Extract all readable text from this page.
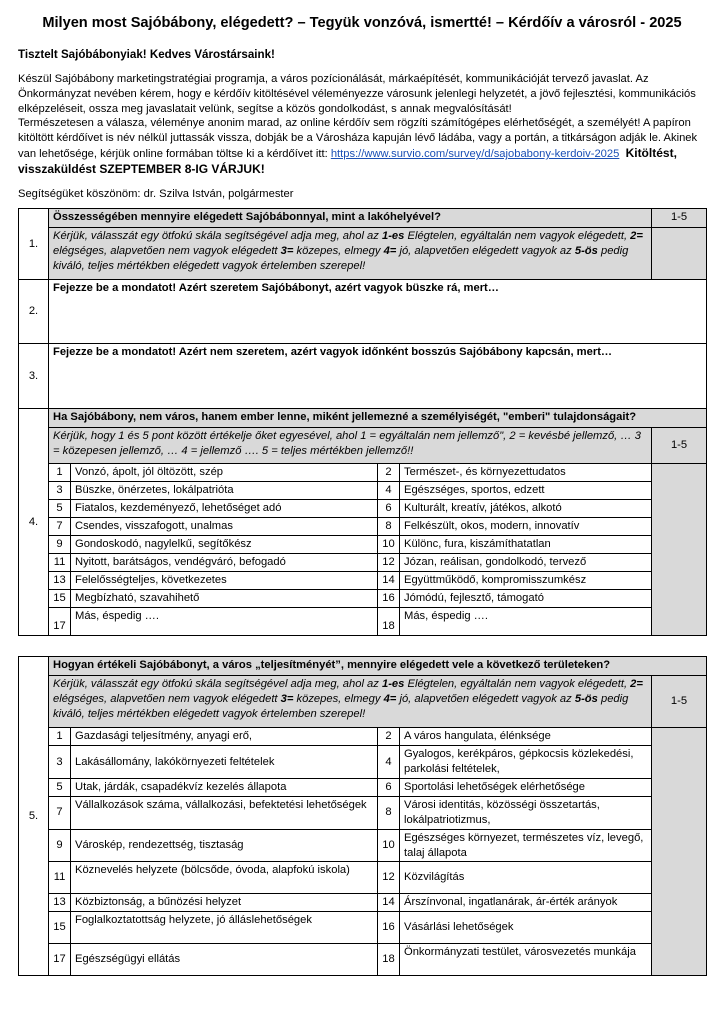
Milyen most Sajóbábony, elégedett? – Tegyük vonzóvá, ismertté! – Kérdőív a városról - 2025
Tisztelt Sajóbábonyiak! Kedves Várostársaink!

Készül Sajóbábony marketingstratégiai programja, a város pozícionálását, márkaépítését, kommunikációját tervező javaslat. Az Önkormányzat nevében kérem, hogy e kérdőív kitöltésével véleményezze városunk jelenlegi helyzetét, a jövő fejlesztési, kommunikációs elképzeléseit, ossza meg javaslatait velünk, segítse a közös gondolkodást, s annak megvalósítását!

Természetesen a válasza, véleménye anonim marad, az online kérdőív sem rögzíti számítógépes elérhetőségét, a személyét! A papíron kitöltött kérdőívet is név nélkül juttassák vissza, dobják be a Városháza kapuján lévő ládába, vagy a portán, a titkárságon adják le. Akinek van lehetősége, kérjük online formában töltse ki a kérdőívet itt: https://www.survio.com/survey/d/sajobabony-kerdoiv-2025 Kitöltést, visszaküldést SZEPTEMBER 8-IG VÁRJUK!

Segítségüket köszönöm: dr. Szilva István, polgármester
1.	Összességében mennyire elégedett Sajóbábonnyal, mint a lakóhelyével?				1-5
	Kérjük, válasszát egy ötfokú skála segítségével adja meg, ahol az 1-es Elégtelen, egyáltalán nem vagyok elégedett, 2= elégséges, alapvetően nem vagyok elégedett 3= közepes, elmegy 4= jó, alapvetően elégedett vagyok az 5-ös pedig kiváló, teljes mértékben elégedett vagyok értelemben szerepel!				
2.	Fejezze be a mondatot! Azért szeretem Sajóbábonyt, azért vagyok büszke rá, mert…				
3.	Fejezze be a mondatot! Azért nem szeretem, azért vagyok időnként bosszús Sajóbábony kapcsán, mert…				
4.	Ha Sajóbábony, nem város, hanem ember lenne, miként jellemezné a személyiségét, "emberi" tulajdonságait?				
	Kérjük, hogy 1 és 5 pont között értékelje őket egyesével, ahol 1 = egyáltalán nem jellemző", 2 = kevésbé jellemző, … 3 = közepesen jellemző, … 4 = jellemző …. 5 = teljes mértékben jellemző!!				1-5
	1	Vonzó, ápolt, jól öltözött, szép	2	Természet-, és környezettudatos	
	3	Büszke, önérzetes, lokálpatrióta	4	Egészséges, sportos, edzett	
	5	Fiatalos, kezdeményező, lehetőséget adó	6	Kulturált, kreatív, játékos, alkotó	
	7	Csendes, visszafogott, unalmas	8	Felkészült, okos, modern, innovatív	
	9	Gondoskodó, nagylelkű, segítőkész	10	Különc, fura, kiszámíthatatlan	
	11	Nyitott, barátságos, vendégváró, befogadó	12	Józan, reálisan, gondolkodó, tervező	
	13	Felelősségteljes, következetes	14	Együttműködő, kompromisszumkész	
	15	Megbízható, szavahihető	16	Jómódú, fejlesztő, támogató	
	17	Más, éspedig ….	18	Más, éspedig ….	
5.	Hogyan értékeli Sajóbábonyt, a város „teljesítményét”, mennyire elégedett vele a következő területeken?				
	Kérjük, válasszát egy ötfokú skála segítségével adja meg, ahol az 1-es Elégtelen, egyáltalán nem vagyok elégedett, 2= elégséges, alapvetően nem vagyok elégedett 3= közepes, elmegy 4= jó, alapvetően elégedett vagyok az 5-ös pedig kiváló, teljes mértékben elégedett vagyok értelemben szerepel!				1-5
	1	Gazdasági teljesítmény, anyagi erő,	2	A város hangulata, élénksége	
	3	Lakásállomány, lakókörnyezeti feltételek	4	Gyalogos, kerékpáros, gépkocsis közlekedési, parkolási feltételek,	
	5	Utak, járdák, csapadékvíz kezelés állapota	6	Sportolási lehetőségek elérhetősége	
	7	Vállalkozások száma, vállalkozási, befektetési lehetőségek	8	Városi identitás, közösségi összetartás, lokálpatriotizmus,	
	9	Városkép, rendezettség, tisztaság	10	Egészséges környezet, természetes víz, levegő, talaj állapota	
	11	Köznevelés helyzete (bölcsőde, óvoda, alapfokú iskola)	12	Közvilágítás	
	13	Közbiztonság, a bűnözési helyzet	14	Árszínvonal, ingatlanárak, ár-érték arányok	
	15	Foglalkoztatottság helyzete, jó álláslehetőségek	16	Vásárlási lehetőségek	
	17	Egészségügyi ellátás	18	Önkormányzati testület, városvezetés munkája	
